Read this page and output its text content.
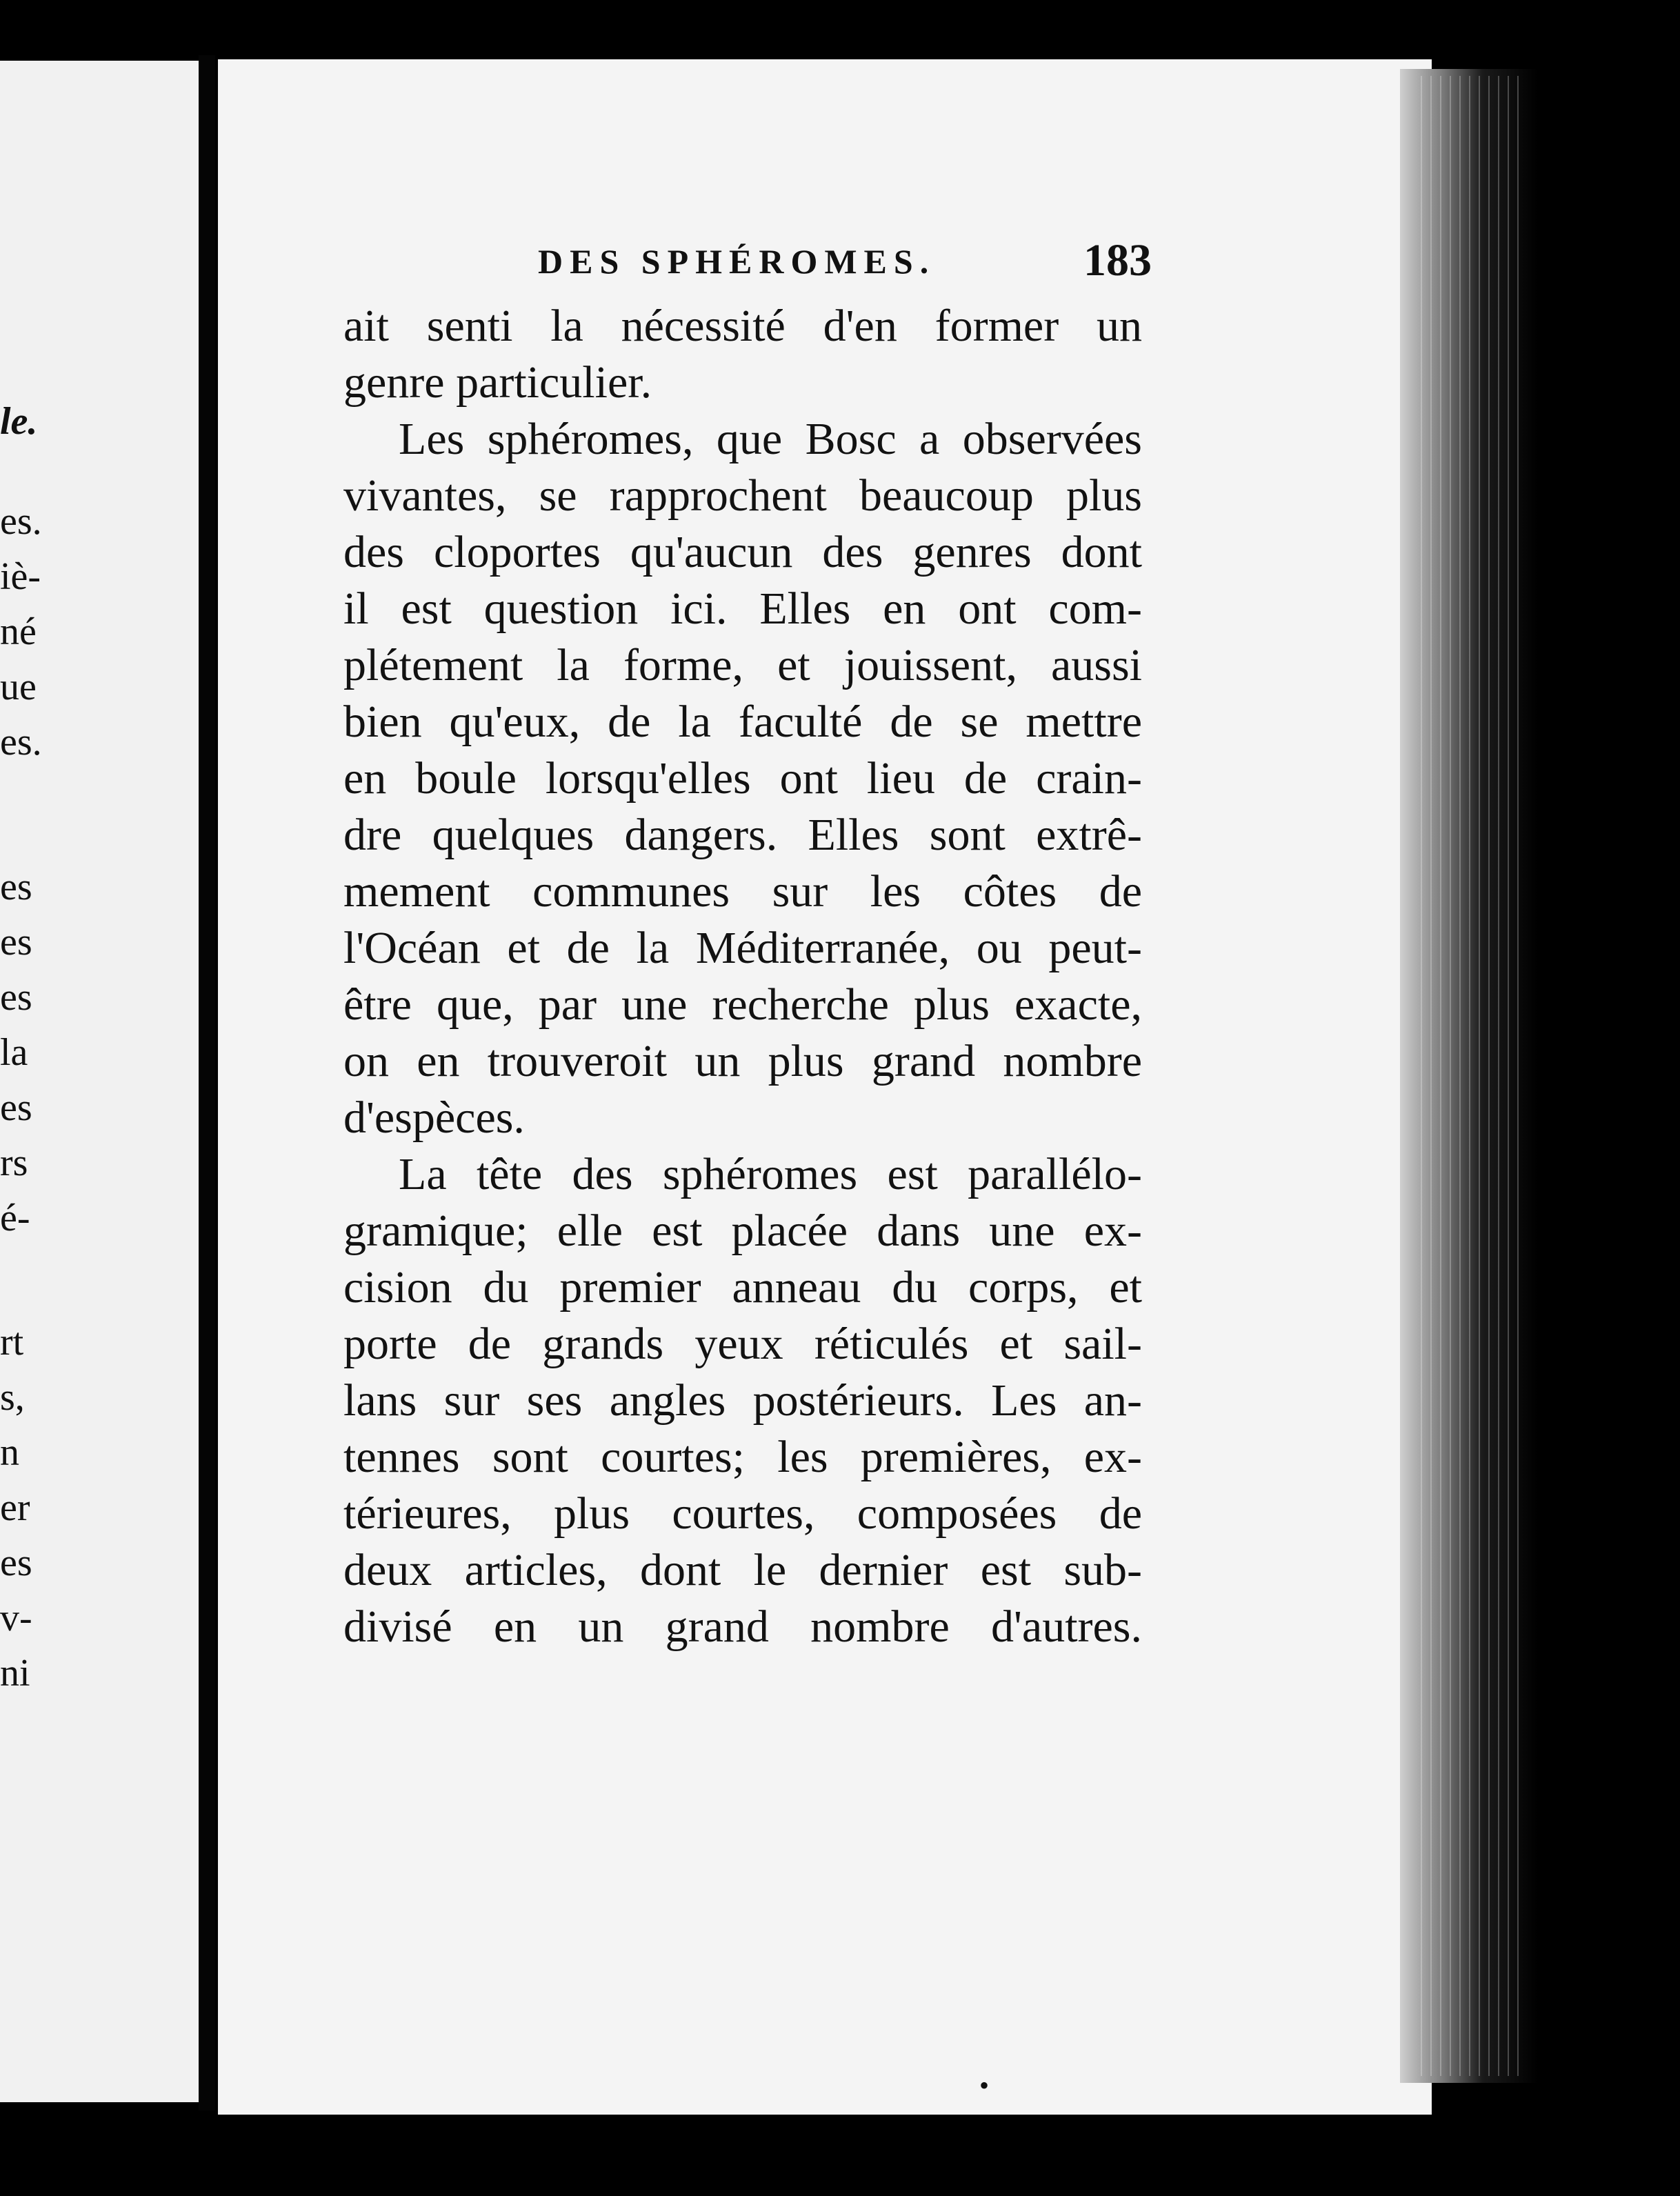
le.
es.
iè-
né
ue
es.
es
es
es
la
es
rs
é-
rt
s,
n
er
es
v-
ni
DES SPHÉROMES.	183
ait senti la nécessité d'en former un
genre particulier.
Les sphéromes, que Bosc a observées
vivantes, se rapprochent beaucoup plus
des cloportes qu'aucun des genres dont
il est question ici. Elles en ont com-
plétement la forme, et jouissent, aussi
bien qu'eux, de la faculté de se mettre
en boule lorsqu'elles ont lieu de crain-
dre quelques dangers. Elles sont extrê-
mement communes sur les côtes de
l'Océan et de la Méditerranée, ou peut-
être que, par une recherche plus exacte,
on en trouveroit un plus grand nombre
d'espèces.
La tête des sphéromes est parallélo-
gramique; elle est placée dans une ex-
cision du premier anneau du corps, et
porte de grands yeux réticulés et sail-
lans sur ses angles postérieurs. Les an-
tennes sont courtes; les premières, ex-
térieures, plus courtes, composées de
deux articles, dont le dernier est sub-
divisé en un grand nombre d'autres.
•
